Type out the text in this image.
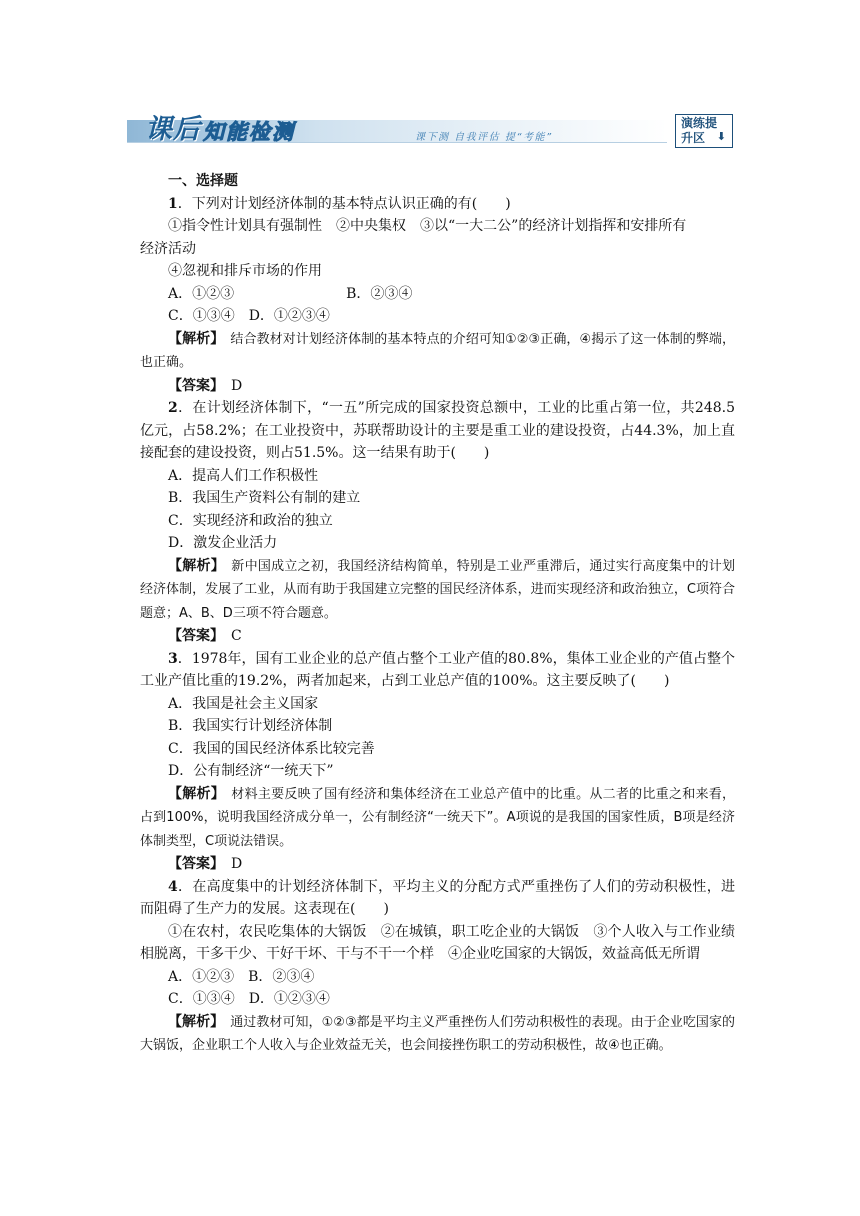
课后 知能检测	课下测 自我评估 提“考能”
演练提
升区	⬇
一、选择题
1．下列对计划经济体制的基本特点认识正确的有(　　)
①指令性计划具有强制性　②中央集权　③以“一大二公”的经济计划指挥和安排所有
经济活动
④忽视和排斥市场的作用
A．①②③　　　　　　　　B．②③④
C．①③④　D．①②③④
【解析】　结合教材对计划经济体制的基本特点的介绍可知①②③正确，④揭示了这一体制的弊端，也正确。
【答案】　D
2．在计划经济体制下，“一五”所完成的国家投资总额中，工业的比重占第一位，共248.5亿元，占58.2%；在工业投资中，苏联帮助设计的主要是重工业的建设投资，占44.3%，加上直接配套的建设投资，则占51.5%。这一结果有助于(　　)
A．提高人们工作积极性
B．我国生产资料公有制的建立
C．实现经济和政治的独立
D．激发企业活力
【解析】　新中国成立之初，我国经济结构简单，特别是工业严重滞后，通过实行高度集中的计划经济体制，发展了工业，从而有助于我国建立完整的国民经济体系，进而实现经济和政治独立，C项符合题意；A、B、D三项不符合题意。
【答案】　C
3．1978年，国有工业企业的总产值占整个工业产值的80.8%，集体工业企业的产值占整个工业产值比重的19.2%，两者加起来，占到工业总产值的100%。这主要反映了(　　)
A．我国是社会主义国家
B．我国实行计划经济体制
C．我国的国民经济体系比较完善
D．公有制经济“一统天下”
【解析】　材料主要反映了国有经济和集体经济在工业总产值中的比重。从二者的比重之和来看，占到100%，说明我国经济成分单一，公有制经济“一统天下”。A项说的是我国的国家性质，B项是经济体制类型，C项说法错误。
【答案】　D
4．在高度集中的计划经济体制下，平均主义的分配方式严重挫伤了人们的劳动积极性，进而阻碍了生产力的发展。这表现在(　　)
①在农村，农民吃集体的大锅饭　②在城镇，职工吃企业的大锅饭　③个人收入与工作业绩相脱离，干多干少、干好干坏、干与不干一个样　④企业吃国家的大锅饭，效益高低无所谓
A．①②③　B．②③④
C．①③④　D．①②③④
【解析】　通过教材可知，①②③都是平均主义严重挫伤人们劳动积极性的表现。由于企业吃国家的大锅饭，企业职工个人收入与企业效益无关，也会间接挫伤职工的劳动积极性，故④也正确。
